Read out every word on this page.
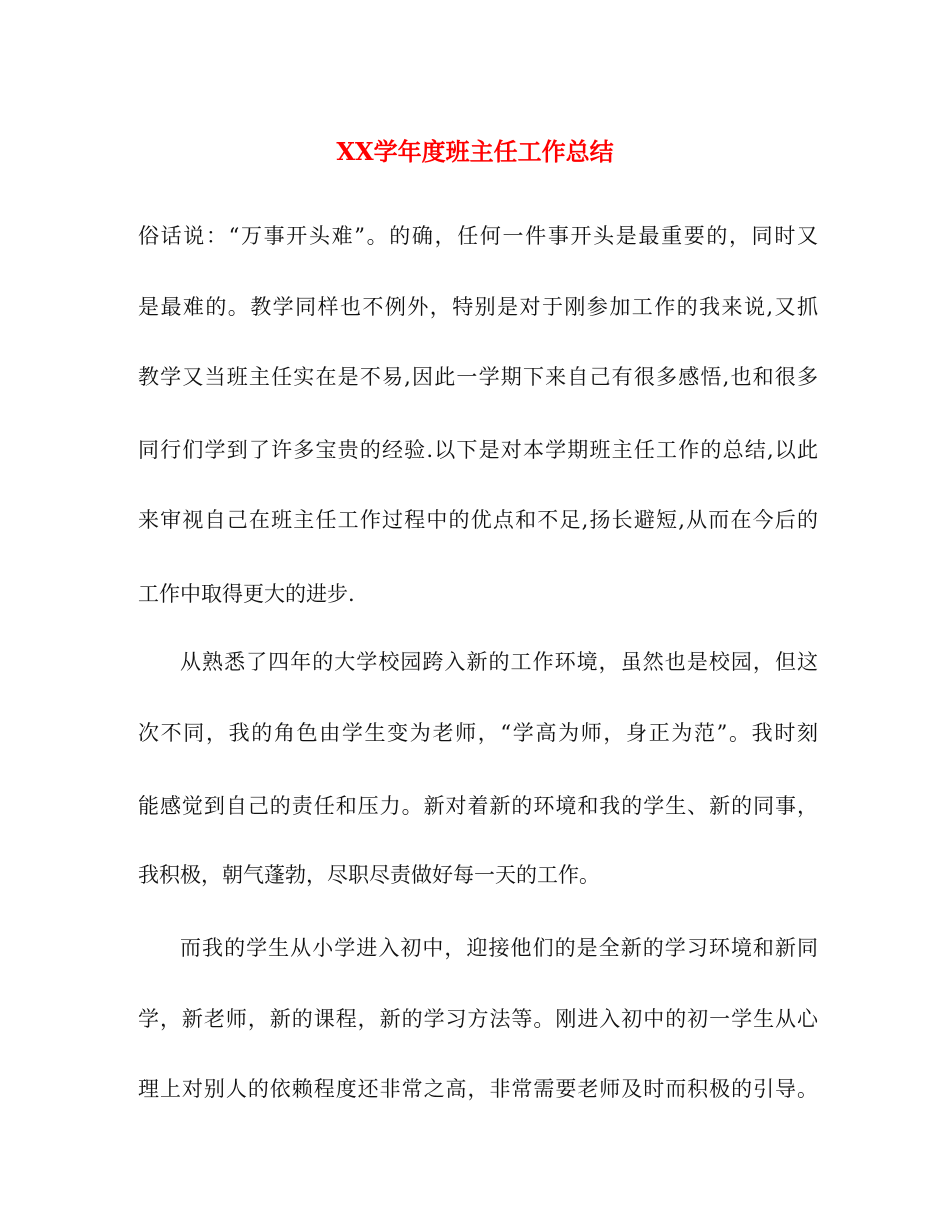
XX学年度班主任工作总结
俗话说：“万事开头难”。的确，任何一件事开头是最重要的，同时又
是最难的。教学同样也不例外，特别是对于刚参加工作的我来说,又抓
教学又当班主任实在是不易,因此一学期下来自己有很多感悟,也和很多
同行们学到了许多宝贵的经验.以下是对本学期班主任工作的总结,以此
来审视自己在班主任工作过程中的优点和不足,扬长避短,从而在今后的
工作中取得更大的进步.
从熟悉了四年的大学校园跨入新的工作环境，虽然也是校园，但这
次不同，我的角色由学生变为老师，“学高为师，身正为范”。我时刻
能感觉到自己的责任和压力。新对着新的环境和我的学生、新的同事，
我积极，朝气蓬勃，尽职尽责做好每一天的工作。
而我的学生从小学进入初中，迎接他们的是全新的学习环境和新同
学，新老师，新的课程，新的学习方法等。刚进入初中的初一学生从心
理上对别人的依赖程度还非常之高，非常需要老师及时而积极的引导。
